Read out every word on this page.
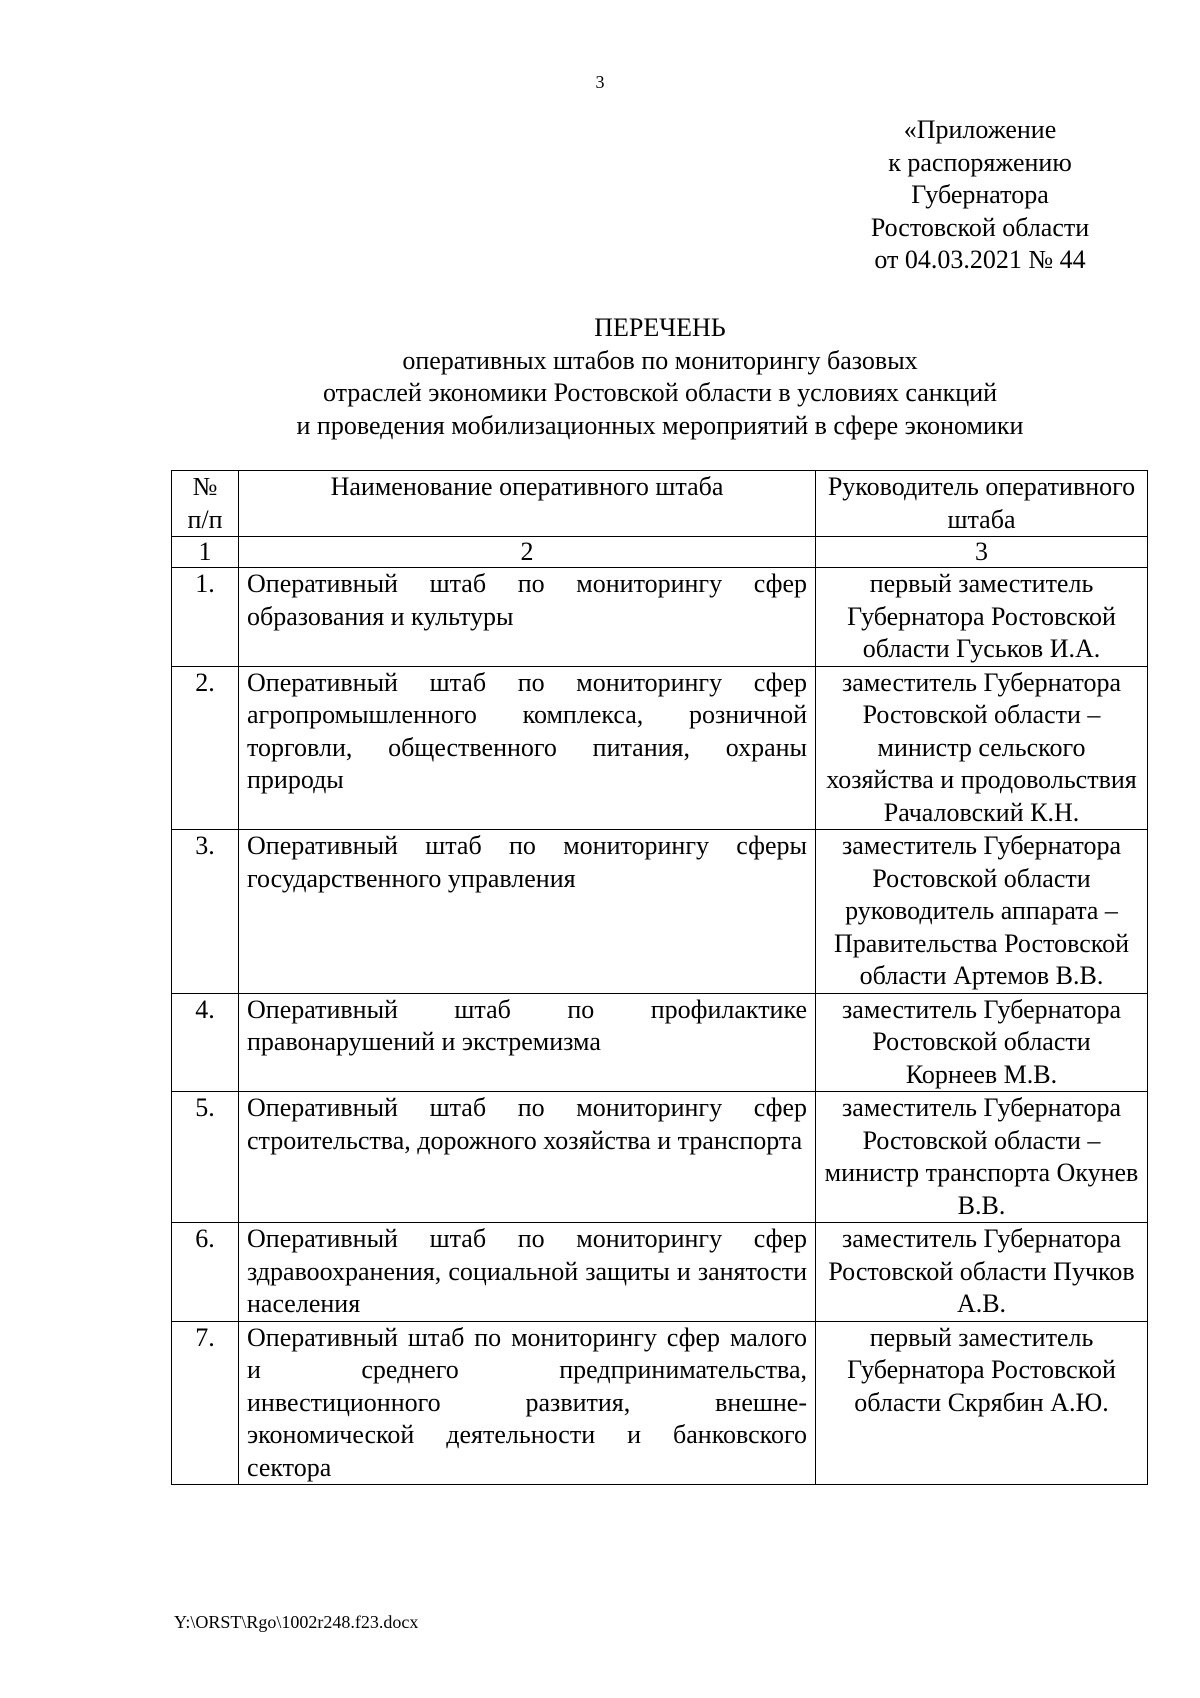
3
«Приложение
к распоряжению
Губернатора
Ростовской области
от 04.03.2021 № 44
ПЕРЕЧЕНЬ
оперативных штабов по мониторингу базовых
отраслей экономики Ростовской области в условиях санкций
и проведения мобилизационных мероприятий в сфере экономики
№ п/п	Наименование оперативного штаба	Руководитель оперативного штаба
1	2	3
1.	Оперативный штаб по мониторингу сфер образования и культуры	первый заместитель Губернатора Ростовской области Гуськов И.А.
2.	Оперативный штаб по мониторингу сфер агропромышленного комплекса, розничной торговли, общественного питания, охраны природы	заместитель Губернатора Ростовской области – министр сельского хозяйства и продовольствия Рачаловский К.Н.
3.	Оперативный штаб по мониторингу сферы государственного управления	заместитель Губернатора Ростовской области руководитель аппарата – Правительства Ростовской области Артемов В.В.
4.	Оперативный штаб по профилактике правонарушений и экстремизма	заместитель Губернатора Ростовской области Корнеев М.В.
5.	Оперативный штаб по мониторингу сфер строительства, дорожного хозяйства и транспорта	заместитель Губернатора Ростовской области – министр транспорта Окунев В.В.
6.	Оперативный штаб по мониторингу сфер здравоохранения, социальной защиты и занятости населения	заместитель Губернатора Ростовской области Пучков А.В.
7.	Оперативный штаб по мониторингу сфер малого и среднего предпринимательства, инвестиционного развития, внешне-экономической деятельности и банковского сектора	первый заместитель Губернатора Ростовской области Скрябин А.Ю.
Y:\ORST\Rgo\1002r248.f23.docx
